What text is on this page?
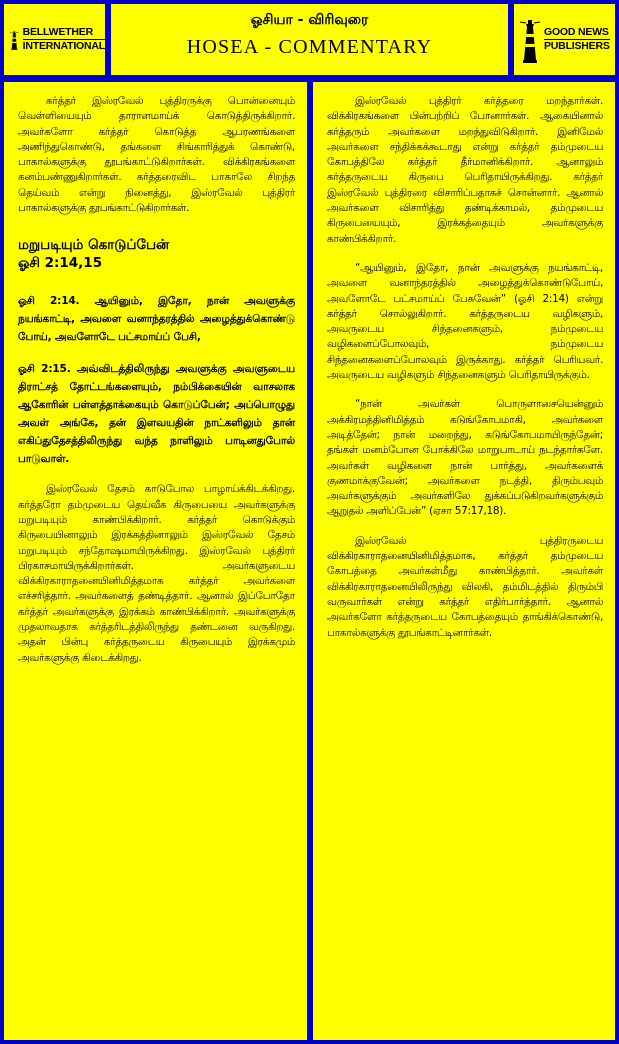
BELLWETHER
INTERNATIONAL
ஓசியா - விரிவுரை
HOSEA - COMMENTARY
GOOD NEWS
PUBLISHERS

கர்த்தர் இஸ்ரவேல் புத்திரருக்கு பொன்னையும் வெள்ளியையும் தாராளமாய்க் கொடுத்திருக்கிறார். அவர்களோ கர்த்தர் கொடுத்த ஆபரணங்களை அணிந்துகொண்டு, தங்களை சிங்காரித்துக் கொண்டு, பாகால்களுக்கு தூபங்காட்டுகிறார்கள். விக்கிரகங்களை கனம்பண்ணுகிறார்கள். கர்த்தரைவிட பாகாலே சிறந்த தெய்வம் என்று நினைத்து, இஸ்ரவேல் புத்திரர் பாகால்களுக்கு தூபங்காட்டுகிறார்கள்.

மறுபடியும் கொடுப்பேன்
ஓசி 2:14,15

ஓசி 2:14. ஆயினும், இதோ, நான் அவளுக்கு நயங்காட்டி, அவளை வனாந்தரத்தில் அழைத்துக்கொண்டு போய், அவளோடே பட்சமாய்ப் பேசி,

ஓசி 2:15. அவ்விடத்திலிருந்து அவளுக்கு அவளுடைய திராட்சத் தோட்டங்களையும், நம்பிக்கையின் வாசலாக ஆகோரின் பள்ளத்தாக்கையும் கொடுப்பேன்; அப்பொழுது அவள் அங்கே, தன் இளவயதின் நாட்களிலும் தான் எகிப்துதேசத்திலிருந்து வந்த நாளிலும் பாடினதுபோல் பாடுவாள்.

இஸ்ரவேல் தேசம் காடுபோல பாழாய்க்கிடக்கிறது. கர்த்தரோ தம்முடைய தெய்வீக கிருபையை அவர்களுக்கு மறுபடியும் காண்பிக்கிறார். கர்த்தர் கொடுக்கும் கிருபையினாலும் இரக்கத்தினாலும் இஸ்ரவேல் தேசம் மறுபடியும் சந்தோஷமாயிருக்கிறது. இஸ்ரவேல் புத்திரர் பிரகாசமாயிருக்கிறார்கள். அவர்களுடைய விக்கிரகாராதனையினிமித்தமாக கர்த்தர் அவர்களை எச்சரித்தார். அவர்களைத் தண்டித்தார். ஆனால் இப்போதோ கர்த்தர் அவர்களுக்கு இரக்கம் காண்பிக்கிறார். அவர்களுக்கு முதலாவதாக கர்த்தரிடத்திலிருந்து தண்டனை வருகிறது. அதன் பின்பு கர்த்தருடைய கிருபையும் இரக்கமும் அவர்களுக்கு கிடைக்கிறது.

இஸ்ரவேல் புத்திரர் கர்த்தரை மறந்தார்கள். விக்கிரகங்களை பின்பற்றிப் போனார்கள். ஆகையினால் கர்த்தரும் அவர்களை மறந்துவிடுகிறார். இனிமேல் அவர்களை சந்திக்கக்கூடாது என்று கர்த்தர் தம்முடைய கோபத்திலே கர்த்தர் தீர்மானிக்கிறார். ஆனாலும் கர்த்தருடைய கிருபை பெரிதாயிருக்கிறது. கர்த்தர் இஸ்ரவேல் புத்திரரை விசாரிப்பதாகச் சொன்னார். ஆனால் அவர்களை விசாரித்து தண்டிக்காமல், தம்முடைய கிருபையையும், இரக்கத்தையும் அவர்களுக்கு காண்பிக்கிறார்.

“ஆயினும், இதோ, நான் அவளுக்கு நயங்காட்டி, அவளை வனாந்தரத்தில் அழைத்துக்கொண்டுபோய், அவளோடே பட்சமாய்ப் பேசுவேன்” (ஓசி 2:14) என்று கர்த்தர் சொல்லுகிறார். கர்த்தருடைய வழிகளும், அவருடைய சிந்தனைகளும், நம்முடைய வழிகளைப்போலவும், நம்முடைய சிந்தனைகளைப்போலவும் இருக்காது. கர்த்தர் பெரியவர். அவருடைய வழிகளும் சிந்தனைகளும் பெரிதாயிருக்கும்.

“நான் அவர்கள் பொருளாசையென்னும் அக்கிரமத்தினிமித்தம் கடுங்கோபமாகி, அவர்களை அடித்தேன்; நான் மறைந்து, கடுங்கோபமாயிருந்தேன்; தங்கள் மனம்போன போக்கிலே மாறுபாடாய் நடந்தார்களே. அவர்கள் வழிகளை நான் பார்த்து, அவர்களைக் குணமாக்குவேன்; அவர்களை நடத்தி, திரும்பவும் அவர்களுக்கும் அவர்களிலே துக்கப்படுகிறவர்களுக்கும் ஆறுதல் அளிப்பேன்” (ஏசா 57:17,18).

இஸ்ரவேல் புத்திரருடைய விக்கிரகாராதனையினிமித்தமாக, கர்த்தர் தம்முடைய கோபத்தை அவர்கள்மீது காண்பித்தார். அவர்கள் விக்கிரகாராதனையிலிருந்து விலகி, தம்மிடத்தில் திரும்பி வருவார்கள் என்று கர்த்தர் எதிர்பார்த்தார். ஆனால் அவர்களோ கர்த்தருடைய கோபத்தையும் தாங்கிக்கொண்டு, பாகால்களுக்கு தூபங்காட்டினார்கள்.
